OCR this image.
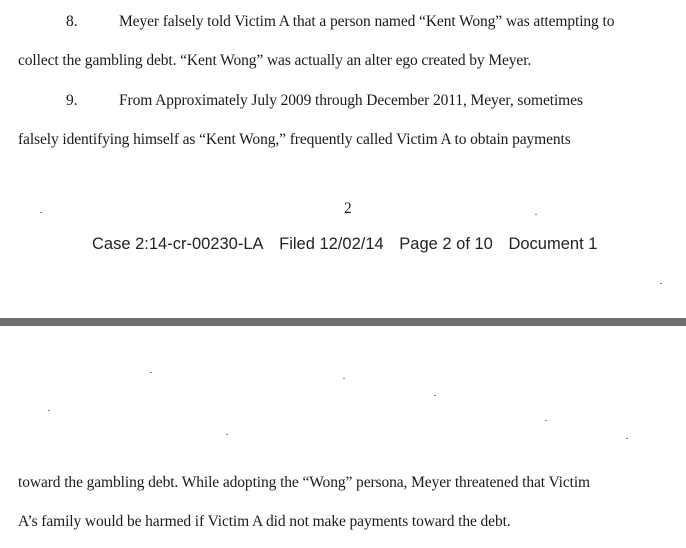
8.	Meyer falsely told Victim A that a person named “Kent Wong” was attempting to
collect the gambling debt. “Kent Wong” was actually an alter ego created by Meyer.
9.	From Approximately July 2009 through December 2011, Meyer, sometimes
falsely identifying himself as “Kent Wong,” frequently called Victim A to obtain payments
2
Case 2:14-cr-00230-LA Filed 12/02/14 Page 2 of 10 Document 1
toward the gambling debt. While adopting the “Wong” persona, Meyer threatened that Victim
A’s family would be harmed if Victim A did not make payments toward the debt.
